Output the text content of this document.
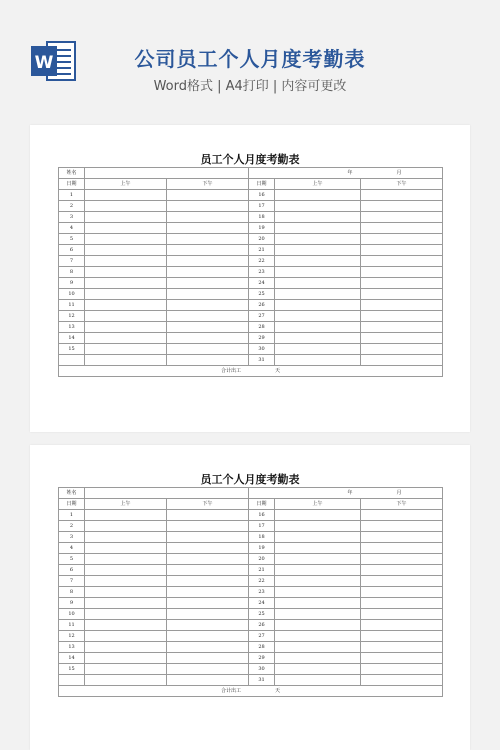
W	公司员工个人月度考勤表
Word格式 | A4打印 | 内容可更改
员工个人月度考勤表
姓名			年 月		
日期	上午	下午	日期	上午	下午
1			16		
2			17		
3			18		
4			19		
5			20		
6			21		
7			22		
8			23		
9			24		
10			25		
11			26		
12			27		
13			28		
14			29		
15			30		
			31		
合计出工 天					
员工个人月度考勤表
姓名			年 月		
日期	上午	下午	日期	上午	下午
1			16		
2			17		
3			18		
4			19		
5			20		
6			21		
7			22		
8			23		
9			24		
10			25		
11			26		
12			27		
13			28		
14			29		
15			30		
			31		
合计出工 天					
